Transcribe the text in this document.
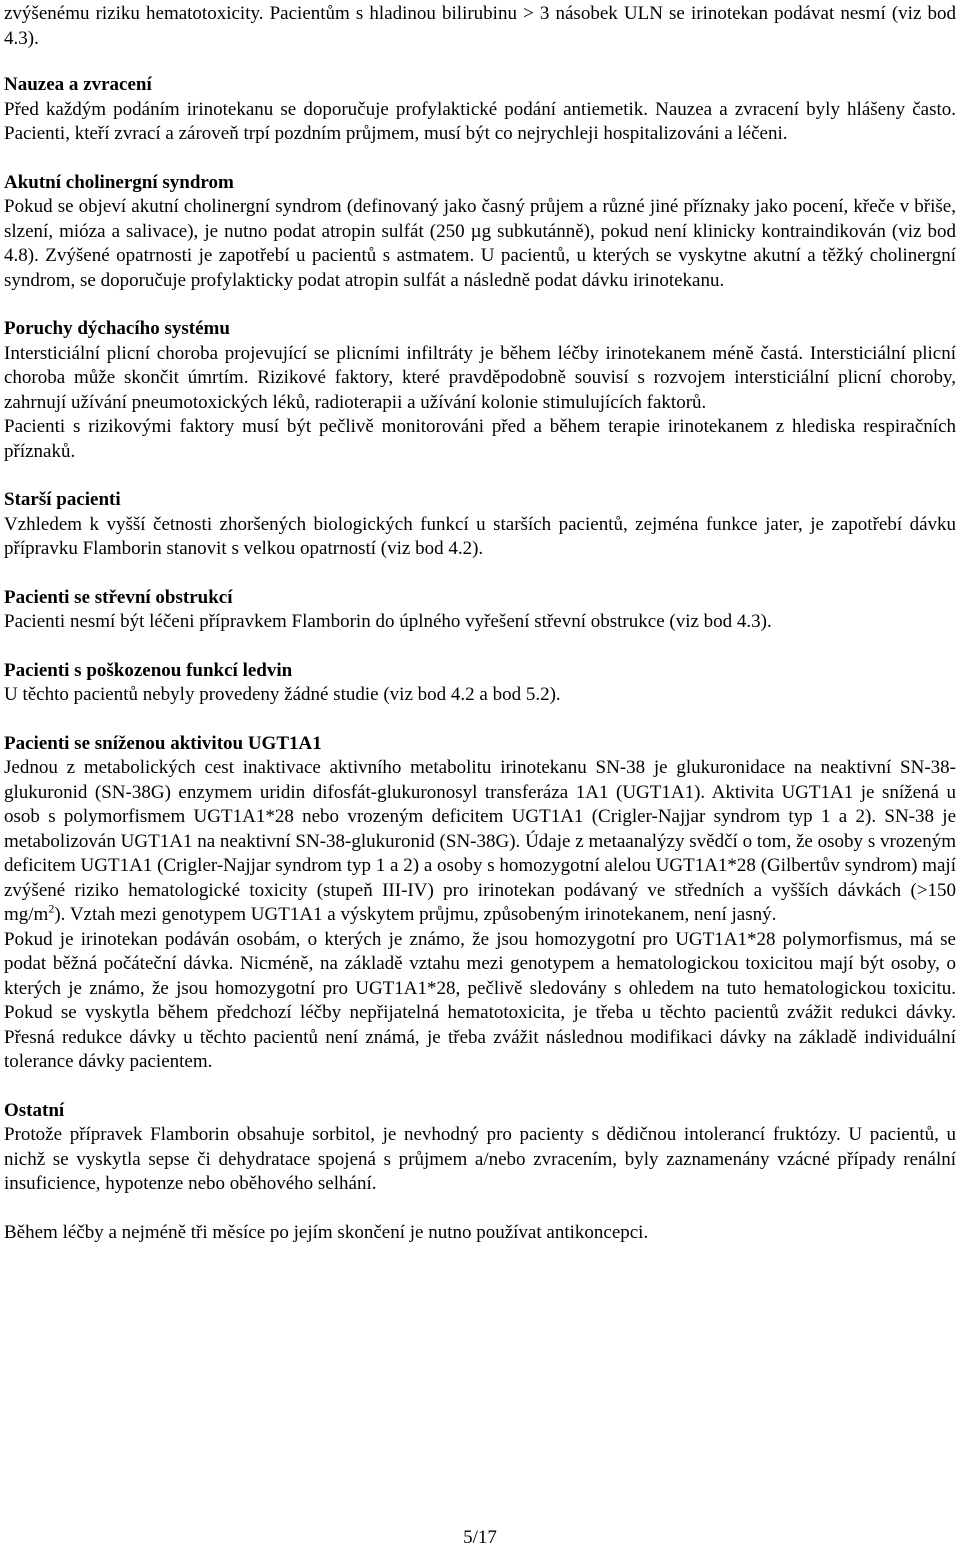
zvýšenému riziku hematotoxicity. Pacientům s hladinou bilirubinu > 3 násobek ULN se irinotekan podávat nesmí (viz bod 4.3).

Nauzea a zvracení

Před každým podáním irinotekanu se doporučuje profylaktické podání antiemetik. Nauzea a zvracení byly hlášeny často. Pacienti, kteří zvrací a zároveň trpí pozdním průjmem, musí být co nejrychleji hospitalizováni a léčeni.

Akutní cholinergní syndrom

Pokud se objeví akutní cholinergní syndrom (definovaný jako časný průjem a různé jiné příznaky jako pocení, křeče v břiše, slzení, mióza a salivace), je nutno podat atropin sulfát (250 µg subkutánně), pokud není klinicky kontraindikován (viz bod 4.8). Zvýšené opatrnosti je zapotřebí u pacientů s astmatem. U pacientů, u kterých se vyskytne akutní a těžký cholinergní syndrom, se doporučuje profylakticky podat atropin sulfát a následně podat dávku irinotekanu.

Poruchy dýchacího systému

Intersticiální plicní choroba projevující se plicními infiltráty je během léčby irinotekanem méně častá. Intersticiální plicní choroba může skončit úmrtím. Rizikové faktory, které pravděpodobně souvisí s rozvojem intersticiální plicní choroby, zahrnují užívání pneumotoxických léků, radioterapii a užívání kolonie stimulujících faktorů.

Pacienti s rizikovými faktory musí být pečlivě monitorováni před a během terapie irinotekanem z hlediska respiračních příznaků.

Starší pacienti

Vzhledem k vyšší četnosti zhoršených biologických funkcí u starších pacientů, zejména funkce jater, je zapotřebí dávku přípravku Flamborin stanovit s velkou opatrností (viz bod 4.2).

Pacienti se střevní obstrukcí

Pacienti nesmí být léčeni přípravkem Flamborin do úplného vyřešení střevní obstrukce (viz bod 4.3).

Pacienti s poškozenou funkcí ledvin

U těchto pacientů nebyly provedeny žádné studie (viz bod 4.2 a bod 5.2).

Pacienti se sníženou aktivitou UGT1A1

Jednou z metabolických cest inaktivace aktivního metabolitu irinotekanu SN-38 je glukuronidace na neaktivní SN-38-glukuronid (SN-38G) enzymem uridin difosfát-glukuronosyl transferáza 1A1 (UGT1A1). Aktivita UGT1A1 je snížená u osob s polymorfismem UGT1A1*28 nebo vrozeným deficitem UGT1A1 (Crigler-Najjar syndrom typ 1 a 2). SN-38 je metabolizován UGT1A1 na neaktivní SN-38-glukuronid (SN-38G). Údaje z metaanalýzy svědčí o tom, že osoby s vrozeným deficitem UGT1A1 (Crigler-Najjar syndrom typ 1 a 2) a osoby s homozygotní alelou UGT1A1*28 (Gilbertův syndrom) mají zvýšené riziko hematologické toxicity (stupeň III-IV) pro irinotekan podávaný ve středních a vyšších dávkách (>150 $mg/m^2$). Vztah mezi genotypem UGT1A1 a výskytem průjmu, způsobeným irinotekanem, není jasný.

Pokud je irinotekan podáván osobám, o kterých je známo, že jsou homozygotní pro UGT1A1*28 polymorfismus, má se podat běžná počáteční dávka. Nicméně, na základě vztahu mezi genotypem a hematologickou toxicitou mají být osoby, o kterých je známo, že jsou homozygotní pro UGT1A1*28, pečlivě sledovány s ohledem na tuto hematologickou toxicitu. Pokud se vyskytla během předchozí léčby nepřijatelná hematotoxicita, je třeba u těchto pacientů zvážit redukci dávky. Přesná redukce dávky u těchto pacientů není známá, je třeba zvážit následnou modifikaci dávky na základě individuální tolerance dávky pacientem.

Ostatní

Protože přípravek Flamborin obsahuje sorbitol, je nevhodný pro pacienty s dědičnou intolerancí fruktózy. U pacientů, u nichž se vyskytla sepse či dehydratace spojená s průjmem a/nebo zvracením, byly zaznamenány vzácné případy renální insuficience, hypotenze nebo oběhového selhání.

Během léčby a nejméně tři měsíce po jejím skončení je nutno používat antikoncepci.

5/17
